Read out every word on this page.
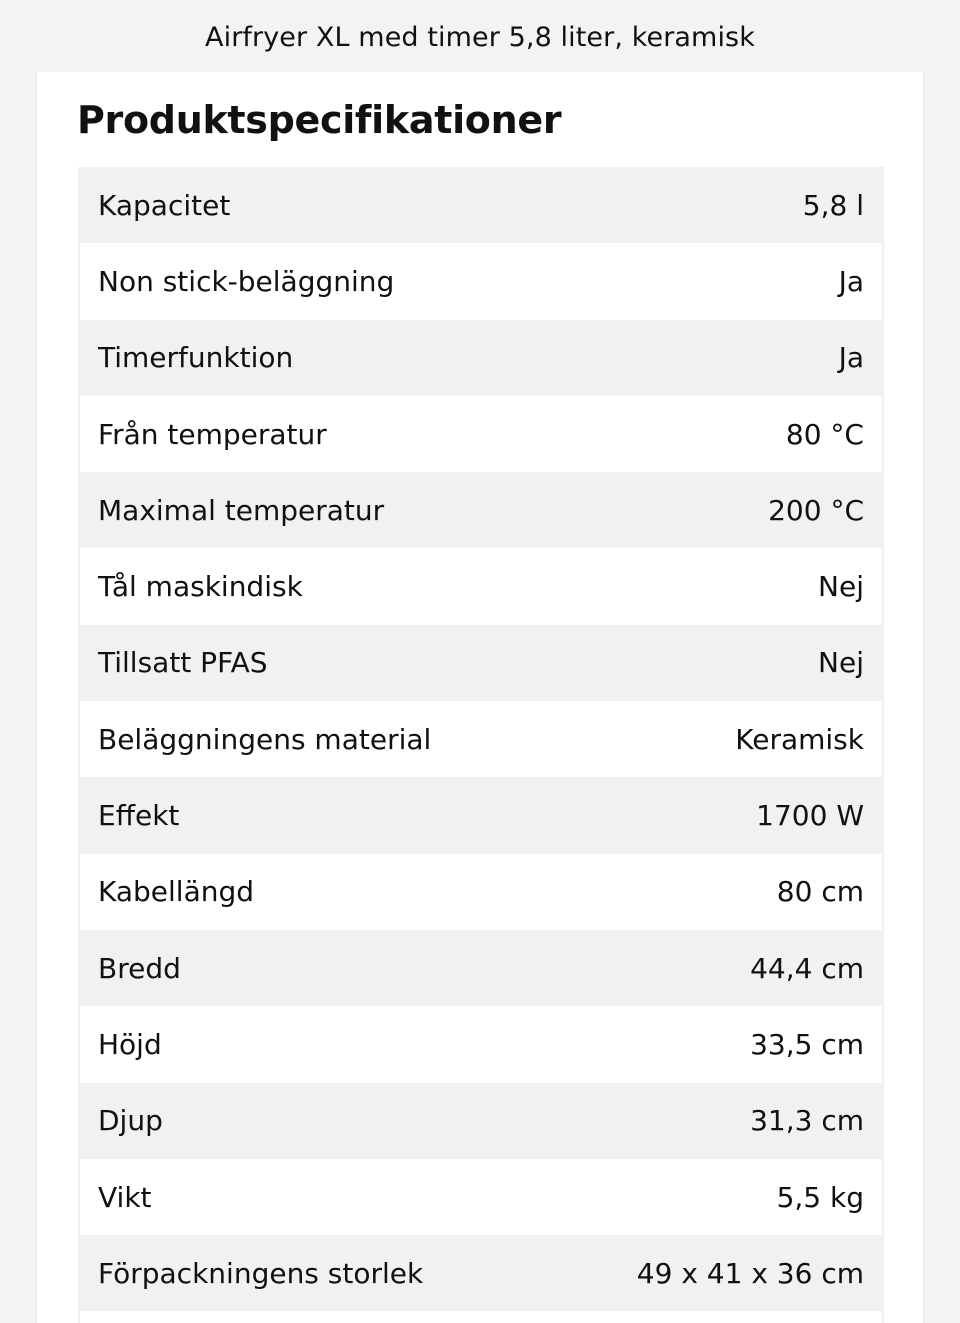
Airfryer XL med timer 5,8 liter, keramisk
Produktspecifikationer
Kapacitet	5,8 l
Non stick-beläggning	Ja
Timerfunktion	Ja
Från temperatur	80 °C
Maximal temperatur	200 °C
Tål maskindisk	Nej
Tillsatt PFAS	Nej
Beläggningens material	Keramisk
Effekt	1700 W
Kabellängd	80 cm
Bredd	44,4 cm
Höjd	33,5 cm
Djup	31,3 cm
Vikt	5,5 kg
Förpackningens storlek	49 x 41 x 36 cm
